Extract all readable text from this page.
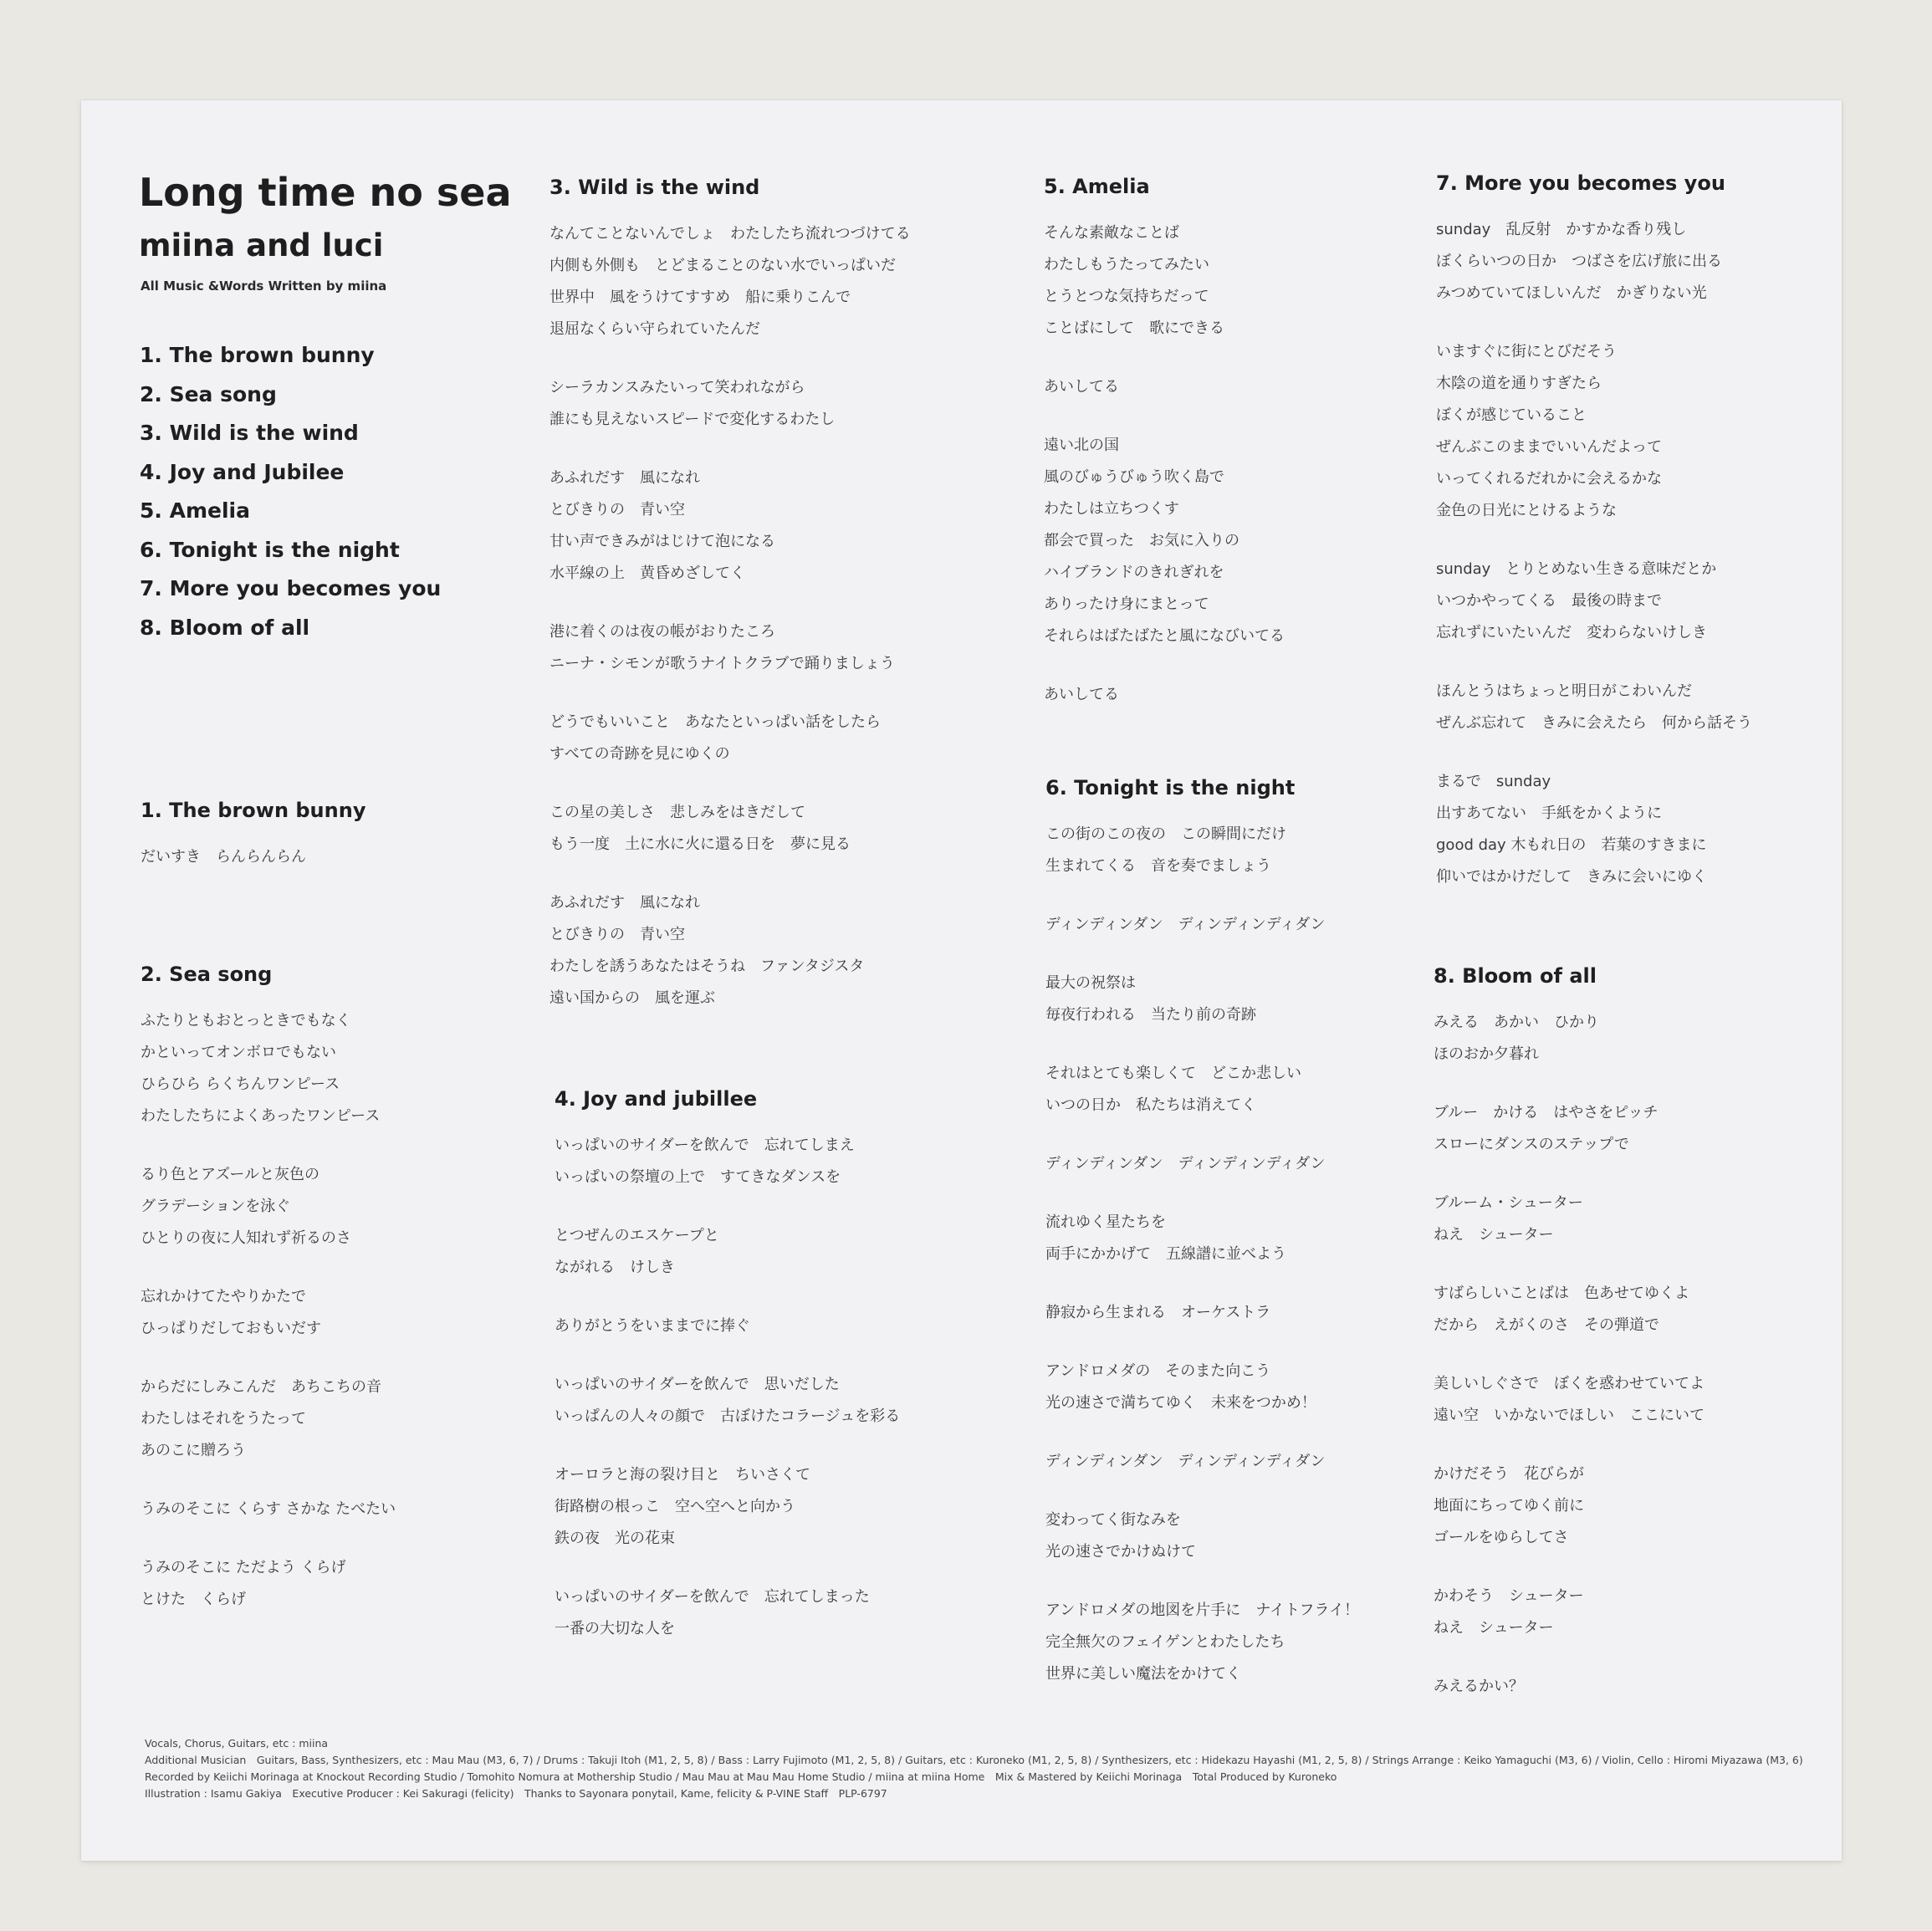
Long time no sea
miina and luci
All Music &Words Written by miina
1. The brown bunny
2. Sea song
3. Wild is the wind
4. Joy and Jubilee
5. Amelia
6. Tonight is the night
7. More you becomes you
8. Bloom of all
1. The brown bunny
だいすき　らんらんらん
2. Sea song
ふたりともおとっときでもなく
かといってオンボロでもない
ひらひら らくちんワンピース
わたしたちによくあったワンピース
るり色とアズールと灰色の
グラデーションを泳ぐ
ひとりの夜に人知れず祈るのさ
忘れかけてたやりかたで
ひっぱりだしておもいだす
からだにしみこんだ　あちこちの音
わたしはそれをうたって
あのこに贈ろう
うみのそこに くらす さかな たべたい
うみのそこに ただよう くらげ
とけた　くらげ
3. Wild is the wind
なんてことないんでしょ　わたしたち流れつづけてる
内側も外側も　とどまることのない水でいっぱいだ
世界中　風をうけてすすめ　船に乗りこんで
退屈なくらい守られていたんだ
シーラカンスみたいって笑われながら
誰にも見えないスピードで変化するわたし
あふれだす　風になれ
とびきりの　青い空
甘い声できみがはじけて泡になる
水平線の上　黄昏めざしてく
港に着くのは夜の帳がおりたころ
ニーナ・シモンが歌うナイトクラブで踊りましょう
どうでもいいこと　あなたといっぱい話をしたら
すべての奇跡を見にゆくの
この星の美しさ　悲しみをはきだして
もう一度　土に水に火に還る日を　夢に見る
あふれだす　風になれ
とびきりの　青い空
わたしを誘うあなたはそうね　ファンタジスタ
遠い国からの　風を運ぶ
4. Joy and jubillee
いっぱいのサイダーを飲んで　忘れてしまえ
いっぱいの祭壇の上で　すてきなダンスを
とつぜんのエスケープと
ながれる　けしき
ありがとうをいままでに捧ぐ
いっぱいのサイダーを飲んで　思いだした
いっぱんの人々の顔で　古ぼけたコラージュを彩る
オーロラと海の裂け目と　ちいさくて
街路樹の根っこ　空へ空へと向かう
鉄の夜　光の花束
いっぱいのサイダーを飲んで　忘れてしまった
一番の大切な人を
5. Amelia
そんな素敵なことば
わたしもうたってみたい
とうとつな気持ちだって
ことばにして　歌にできる
あいしてる
遠い北の国
風のびゅうびゅう吹く島で
わたしは立ちつくす
都会で買った　お気に入りの
ハイブランドのきれぎれを
ありったけ身にまとって
それらはばたばたと風になびいてる
あいしてる
6. Tonight is the night
この街のこの夜の　この瞬間にだけ
生まれてくる　音を奏でましょう
ディンディンダン　ディンディンディダン
最大の祝祭は
毎夜行われる　当たり前の奇跡
それはとても楽しくて　どこか悲しい
いつの日か　私たちは消えてく
ディンディンダン　ディンディンディダン
流れゆく星たちを
両手にかかげて　五線譜に並べよう
静寂から生まれる　オーケストラ
アンドロメダの　そのまた向こう
光の速さで満ちてゆく　未来をつかめ！
ディンディンダン　ディンディンディダン
変わってく街なみを
光の速さでかけぬけて
アンドロメダの地図を片手に　ナイトフライ！
完全無欠のフェイゲンとわたしたち
世界に美しい魔法をかけてく
7. More you becomes you
sunday　乱反射　かすかな香り残し
ぼくらいつの日か　つばさを広げ旅に出る
みつめていてほしいんだ　かぎりない光
いますぐに街にとびだそう
木陰の道を通りすぎたら
ぼくが感じていること
ぜんぶこのままでいいんだよって
いってくれるだれかに会えるかな
金色の日光にとけるような
sunday　とりとめない生きる意味だとか
いつかやってくる　最後の時まで
忘れずにいたいんだ　変わらないけしき
ほんとうはちょっと明日がこわいんだ
ぜんぶ忘れて　きみに会えたら　何から話そう
まるで　sunday
出すあてない　手紙をかくように
good day 木もれ日の　若葉のすきまに
仰いではかけだして　きみに会いにゆく
8. Bloom of all
みえる　あかい　ひかり
ほのおか夕暮れ
ブルー　かける　はやさをピッチ
スローにダンスのステップで
ブルーム・シューター
ねえ　シューター
すばらしいことばは　色あせてゆくよ
だから　えがくのさ　その弾道で
美しいしぐさで　ぼくを惑わせていてよ
遠い空　いかないでほしい　ここにいて
かけだそう　花びらが
地面にちってゆく前に
ゴールをゆらしてさ
かわそう　シューター
ねえ　シューター
みえるかい？
Vocals, Chorus, Guitars, etc : miina
Additional Musician　Guitars, Bass, Synthesizers, etc : Mau Mau (M3, 6, 7) / Drums : Takuji Itoh (M1, 2, 5, 8) / Bass : Larry Fujimoto (M1, 2, 5, 8) / Guitars, etc : Kuroneko (M1, 2, 5, 8) / Synthesizers, etc : Hidekazu Hayashi (M1, 2, 5, 8) / Strings Arrange : Keiko Yamaguchi (M3, 6) / Violin, Cello : Hiromi Miyazawa (M3, 6)
Recorded by Keiichi Morinaga at Knockout Recording Studio / Tomohito Nomura at Mothership Studio / Mau Mau at Mau Mau Home Studio / miina at miina Home　Mix & Mastered by Keiichi Morinaga　Total Produced by Kuroneko
Illustration : Isamu Gakiya　Executive Producer : Kei Sakuragi (felicity)　Thanks to Sayonara ponytail, Kame, felicity & P-VINE Staff　PLP-6797
